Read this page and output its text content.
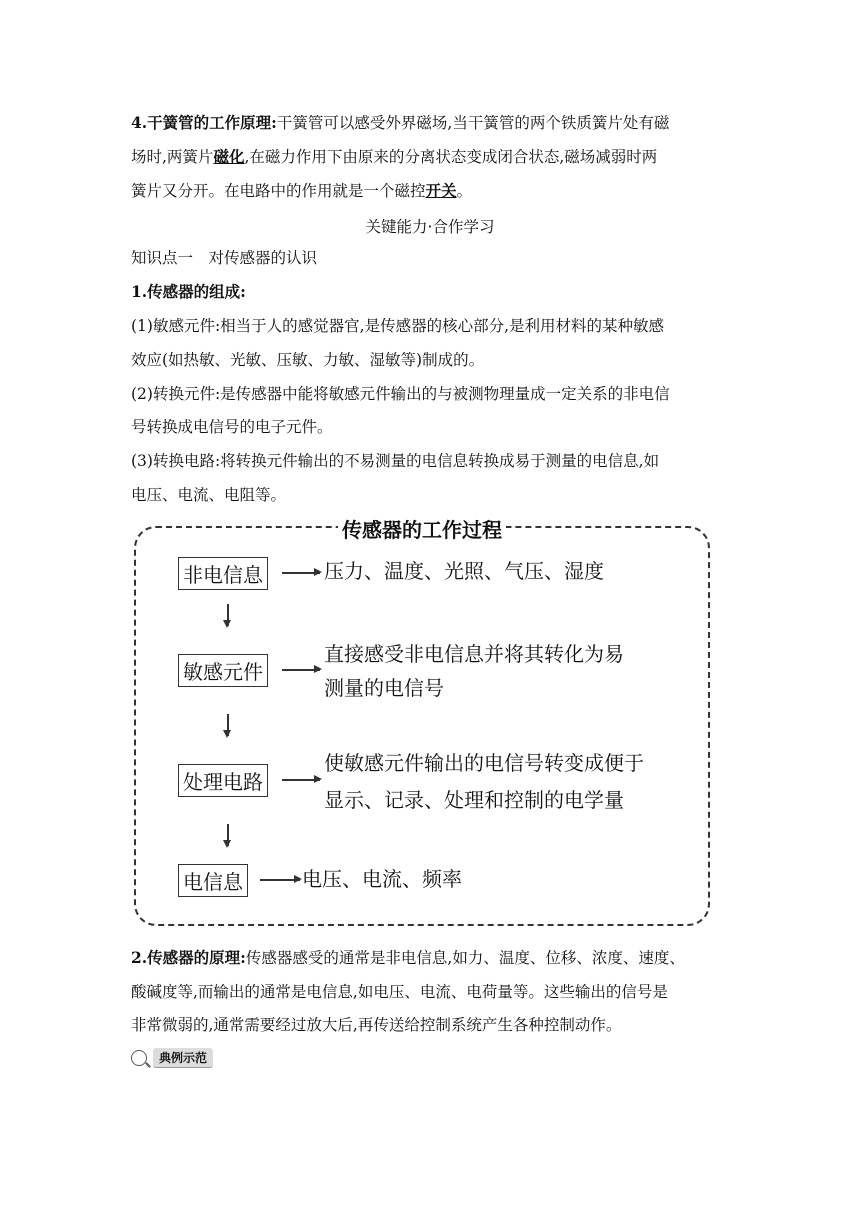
4.干簧管的工作原理:干簧管可以感受外界磁场,当干簧管的两个铁质簧片处有磁
场时,两簧片磁化,在磁力作用下由原来的分离状态变成闭合状态,磁场减弱时两
簧片又分开。在电路中的作用就是一个磁控开关。
关键能力·合作学习
知识点一　对传感器的认识
1.传感器的组成:
(1)敏感元件:相当于人的感觉器官,是传感器的核心部分,是利用材料的某种敏感
效应(如热敏、光敏、压敏、力敏、湿敏等)制成的。
(2)转换元件:是传感器中能将敏感元件输出的与被测物理量成一定关系的非电信
号转换成电信号的电子元件。
(3)转换电路:将转换元件输出的不易测量的电信息转换成易于测量的电信息,如
电压、电流、电阻等。
传感器的工作过程
非电信息	压力、温度、光照、气压、湿度
敏感元件
直接感受非电信息并将其转化为易
测量的电信号
处理电路
使敏感元件输出的电信号转变成便于
显示、记录、处理和控制的电学量
电信息	电压、电流、频率
2.传感器的原理:传感器感受的通常是非电信息,如力、温度、位移、浓度、速度、
酸碱度等,而输出的通常是电信息,如电压、电流、电荷量等。这些输出的信号是
非常微弱的,通常需要经过放大后,再传送给控制系统产生各种控制动作。
典例示范
